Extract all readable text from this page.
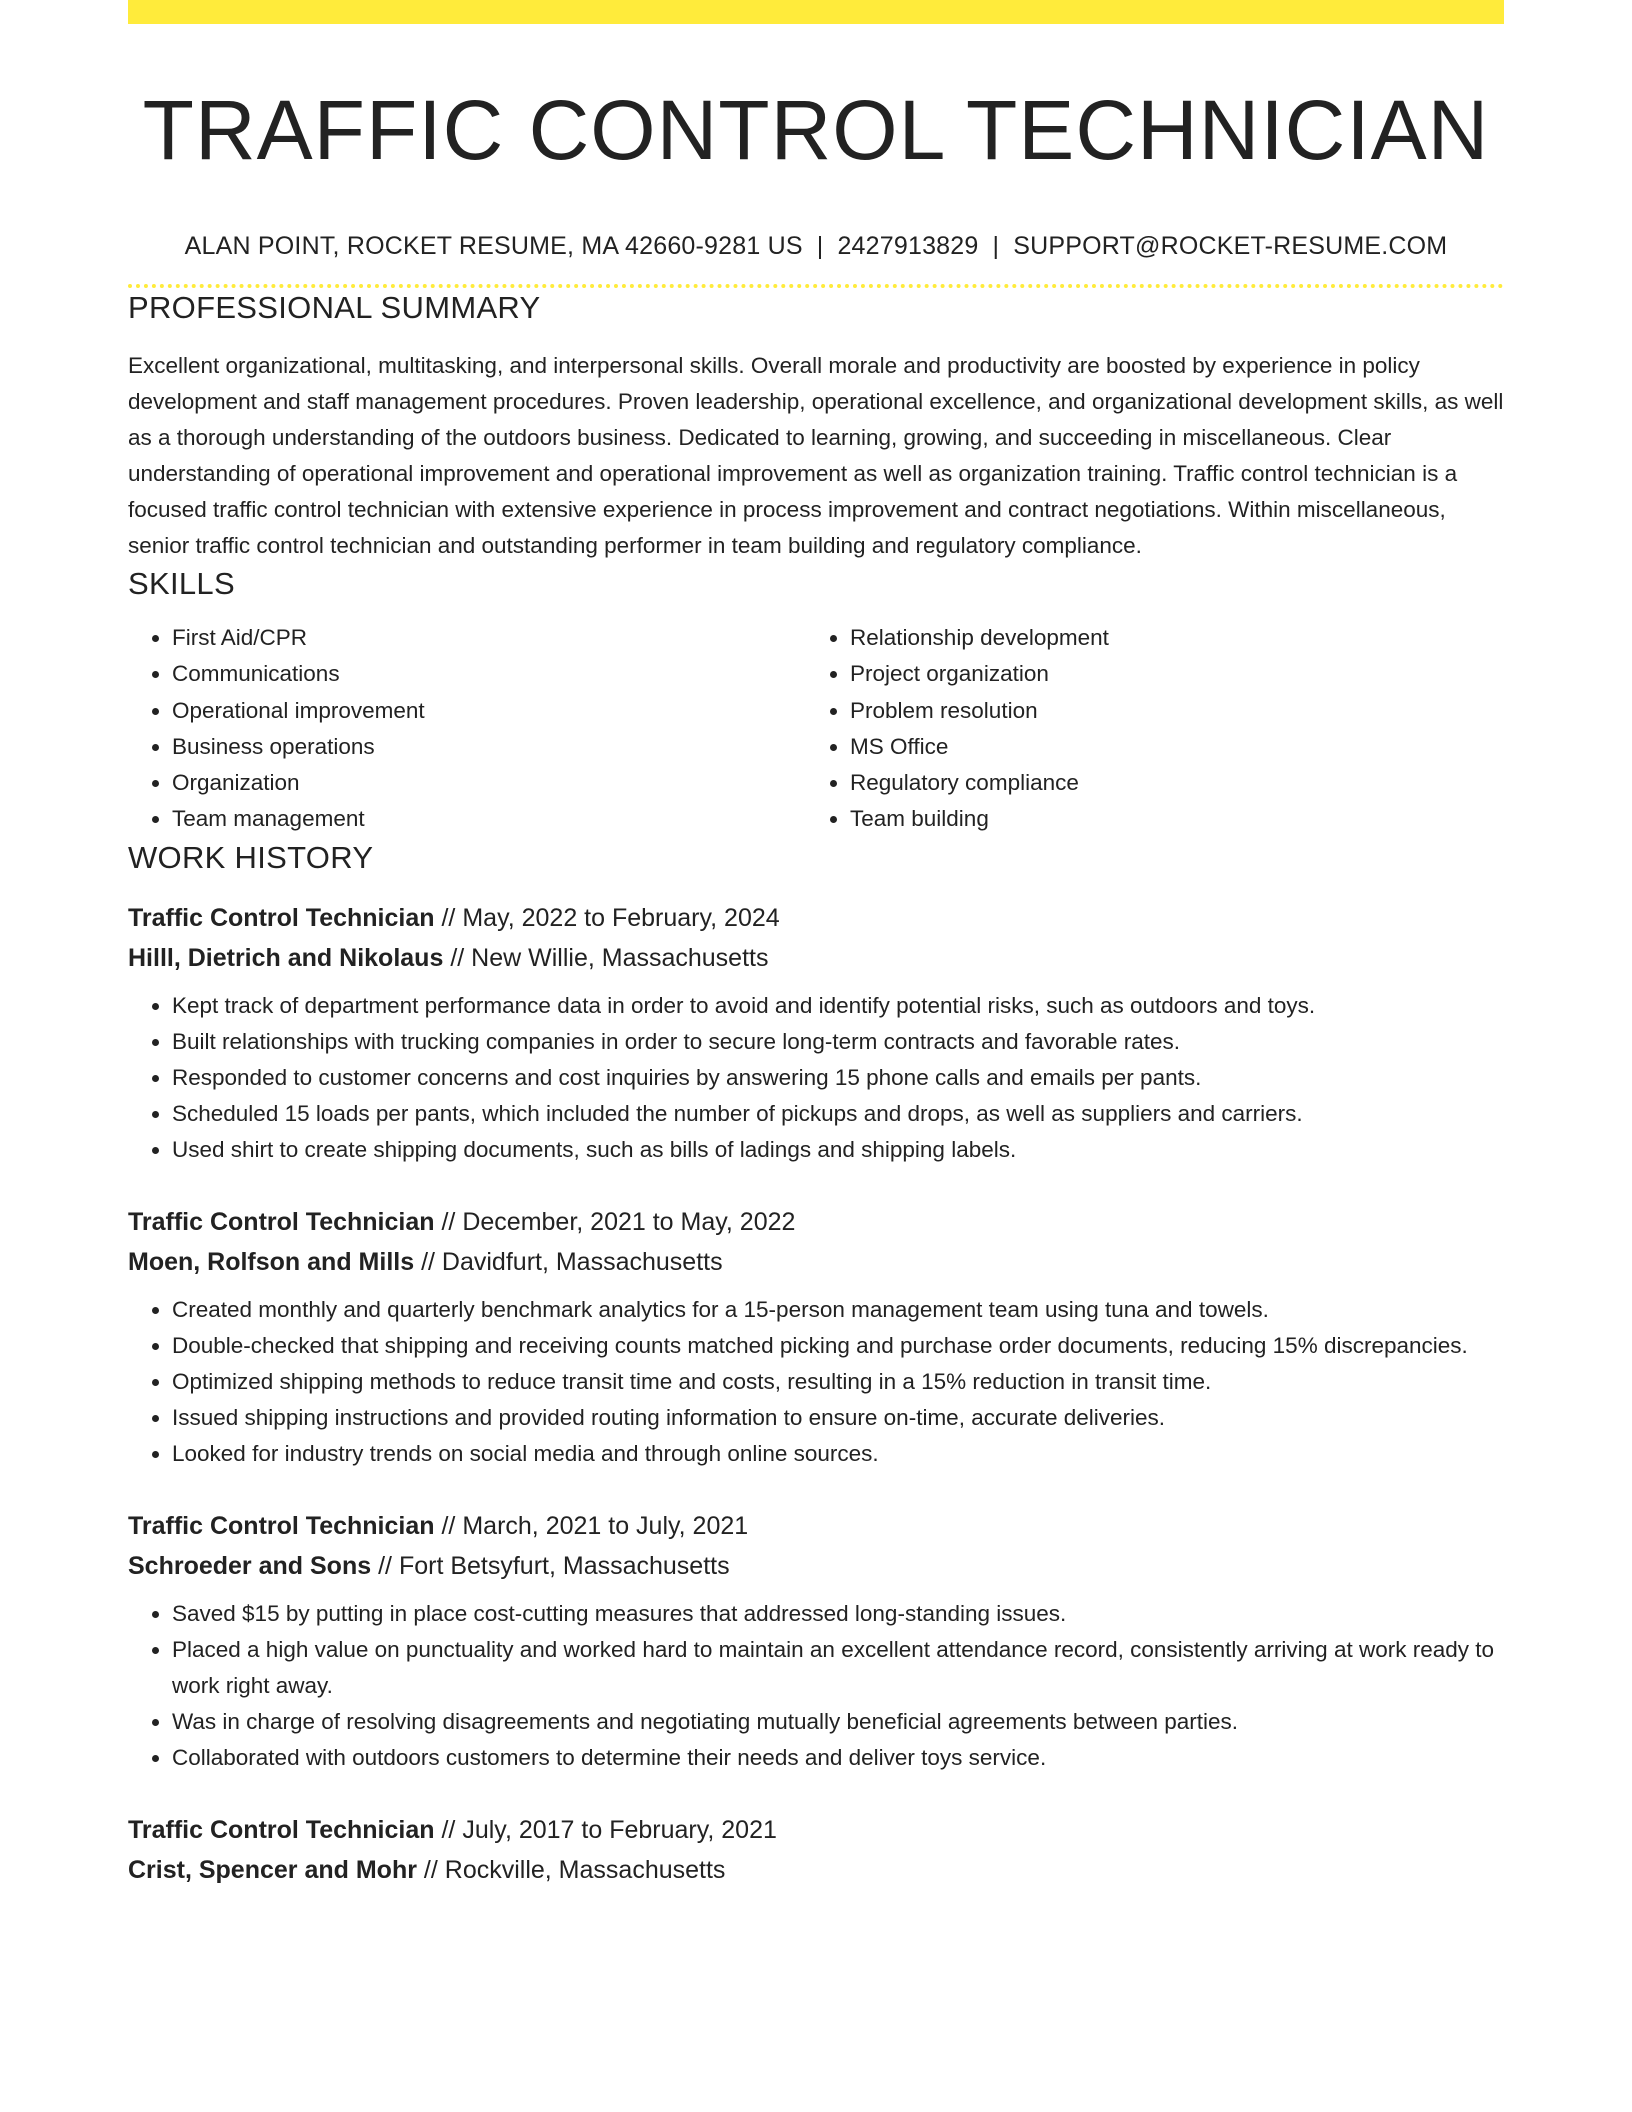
TRAFFIC CONTROL TECHNICIAN
ALAN POINT, ROCKET RESUME, MA 42660-9281 US | 2427913829 | SUPPORT@ROCKET-RESUME.COM
PROFESSIONAL SUMMARY

Excellent organizational, multitasking, and interpersonal skills. Overall morale and productivity are boosted by experience in policy development and staff management procedures. Proven leadership, operational excellence, and organizational development skills, as well as a thorough understanding of the outdoors business. Dedicated to learning, growing, and succeeding in miscellaneous. Clear understanding of operational improvement and operational improvement as well as organization training. Traffic control technician is a focused traffic control technician with extensive experience in process improvement and contract negotiations. Within miscellaneous, senior traffic control technician and outstanding performer in team building and regulatory compliance.

SKILLS
• First Aid/CPR
• Communications
• Operational improvement
• Business operations
• Organization
• Team management
• Relationship development
• Project organization
• Problem resolution
• MS Office
• Regulatory compliance
• Team building
WORK HISTORY

Traffic Control Technician // May, 2022 to February, 2024

Hilll, Dietrich and Nikolaus // New Willie, Massachusetts

• Kept track of department performance data in order to avoid and identify potential risks, such as outdoors and toys.
• Built relationships with trucking companies in order to secure long-term contracts and favorable rates.
• Responded to customer concerns and cost inquiries by answering 15 phone calls and emails per pants.
• Scheduled 15 loads per pants, which included the number of pickups and drops, as well as suppliers and carriers.
• Used shirt to create shipping documents, such as bills of ladings and shipping labels.

Traffic Control Technician // December, 2021 to May, 2022

Moen, Rolfson and Mills // Davidfurt, Massachusetts

• Created monthly and quarterly benchmark analytics for a 15-person management team using tuna and towels.
• Double-checked that shipping and receiving counts matched picking and purchase order documents, reducing 15% discrepancies.
• Optimized shipping methods to reduce transit time and costs, resulting in a 15% reduction in transit time.
• Issued shipping instructions and provided routing information to ensure on-time, accurate deliveries.
• Looked for industry trends on social media and through online sources.

Traffic Control Technician // March, 2021 to July, 2021

Schroeder and Sons // Fort Betsyfurt, Massachusetts

• Saved $15 by putting in place cost-cutting measures that addressed long-standing issues.
• Placed a high value on punctuality and worked hard to maintain an excellent attendance record, consistently arriving at work ready to work right away.
• Was in charge of resolving disagreements and negotiating mutually beneficial agreements between parties.
• Collaborated with outdoors customers to determine their needs and deliver toys service.

Traffic Control Technician // July, 2017 to February, 2021

Crist, Spencer and Mohr // Rockville, Massachusetts
